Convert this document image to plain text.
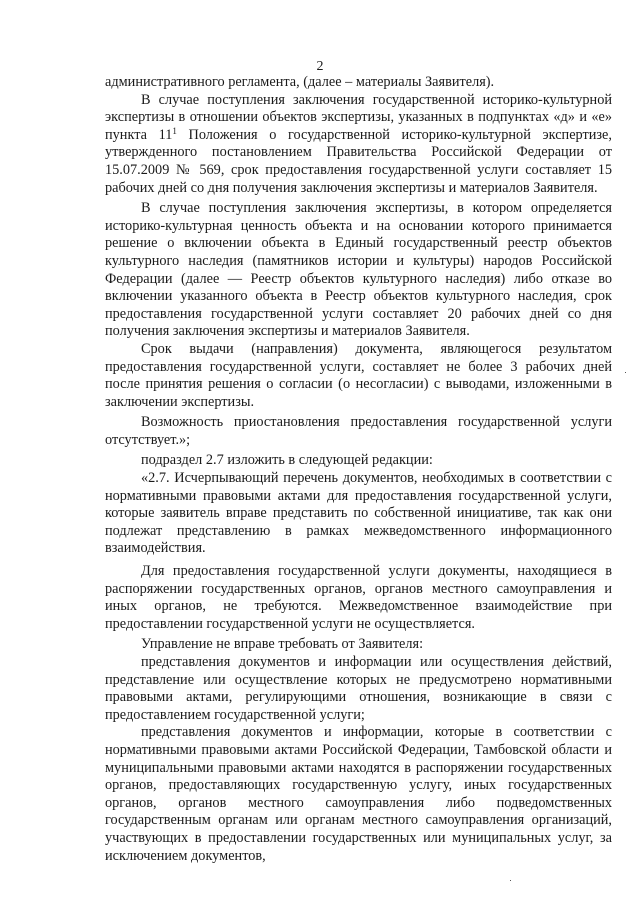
2

административного регламента, (далее – материалы Заявителя).

В случае поступления заключения государственной историко-культурной экспертизы в отношении объектов экспертизы, указанных в подпунктах «д» и «е» пункта $11^1$ Положения о государственной историко-культурной экспертизе, утвержденного постановлением Правительства Российской Федерации от 15.07.2009 № 569, срок предоставления государственной услуги составляет 15 рабочих дней со дня получения заключения экспертизы и материалов Заявителя.

В случае поступления заключения экспертизы, в котором определяется историко-культурная ценность объекта и на основании которого принимается решение о включении объекта в Единый государственный реестр объектов культурного наследия (памятников истории и культуры) народов Российской Федерации (далее — Реестр объектов культурного наследия) либо отказе во включении указанного объекта в Реестр объектов культурного наследия, срок предоставления государственной услуги составляет 20 рабочих дней со дня получения заключения экспертизы и материалов Заявителя.

Срок выдачи (направления) документа, являющегося результатом предоставления государственной услуги, составляет не более 3 рабочих дней после принятия решения о согласии (о несогласии) с выводами, изложенными в заключении экспертизы.

Возможность приостановления предоставления государственной услуги отсутствует.»;

подраздел 2.7 изложить в следующей редакции:

«2.7. Исчерпывающий перечень документов, необходимых в соответствии с нормативными правовыми актами для предоставления государственной услуги, которые заявитель вправе представить по собственной инициативе, так как они подлежат представлению в рамках межведомственного информационного взаимодействия.

Для предоставления государственной услуги документы, находящиеся в распоряжении государственных органов, органов местного самоуправления и иных органов, не требуются. Межведомственное взаимодействие при предоставлении государственной услуги не осуществляется.

Управление не вправе требовать от Заявителя:

представления документов и информации или осуществления действий, представление или осуществление которых не предусмотрено нормативными правовыми актами, регулирующими отношения, возникающие в связи с предоставлением государственной услуги;

представления документов и информации, которые в соответствии с нормативными правовыми актами Российской Федерации, Тамбовской области и муниципальными правовыми актами находятся в распоряжении государственных органов, предоставляющих государственную услугу, иных государственных органов, органов местного самоуправления либо подведомственных государственным органам или органам местного самоуправления организаций, участвующих в предоставлении государственных или муниципальных услуг, за исключением документов,
